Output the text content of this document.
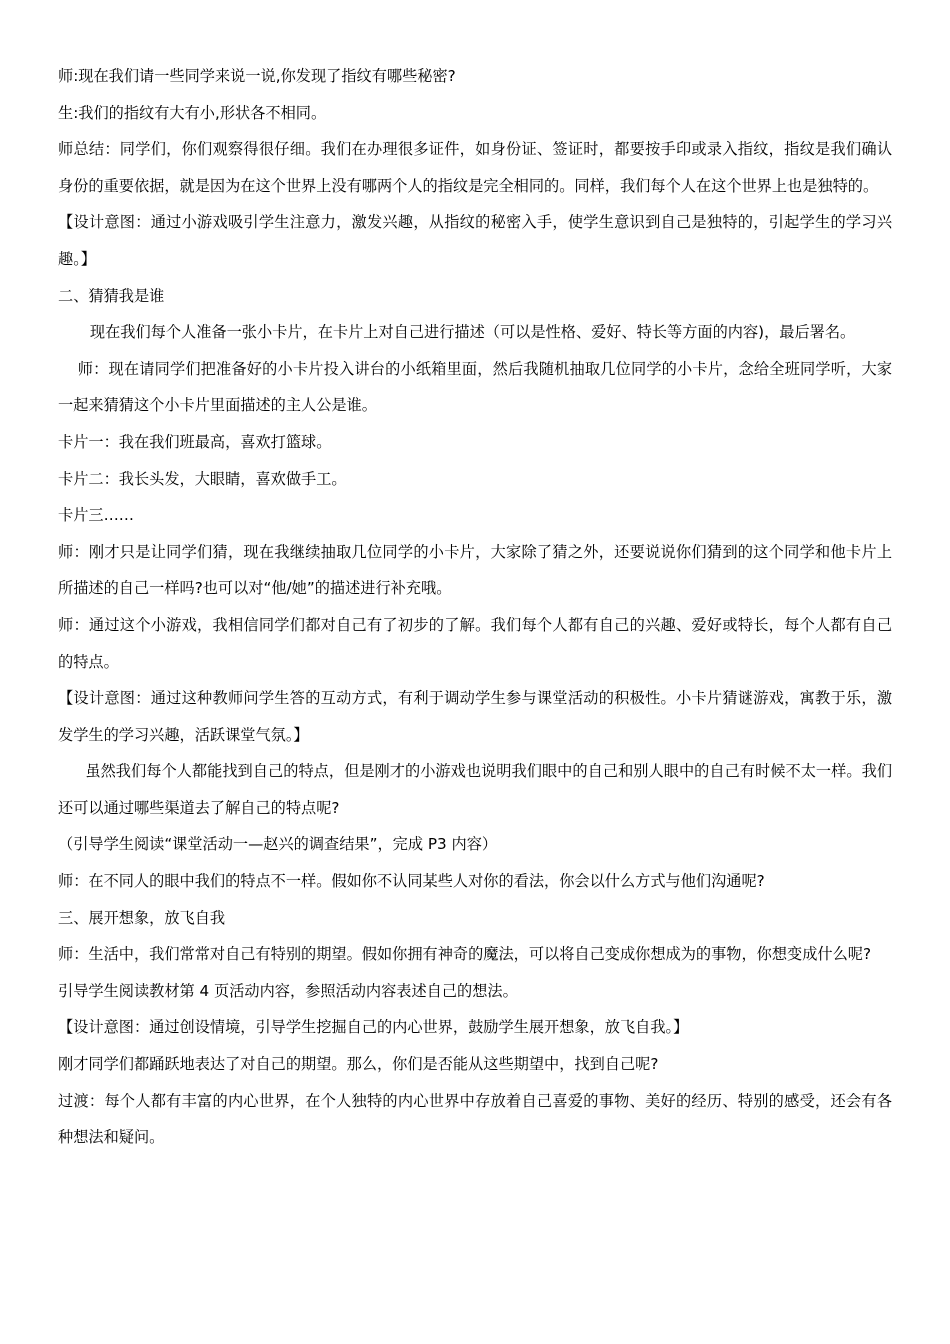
师:现在我们请一些同学来说一说,你发现了指纹有哪些秘密?

生:我们的指纹有大有小,形状各不相同。

师总结：同学们，你们观察得很仔细。我们在办理很多证件，如身份证、签证时，都要按手印或录入指纹，指纹是我们确认身份的重要依据，就是因为在这个世界上没有哪两个人的指纹是完全相同的。同样，我们每个人在这个世界上也是独特的。

【设计意图：通过小游戏吸引学生注意力，激发兴趣，从指纹的秘密入手，使学生意识到自己是独特的，引起学生的学习兴趣。】

二、猜猜我是谁

现在我们每个人准备一张小卡片，在卡片上对自己进行描述（可以是性格、爱好、特长等方面的内容)，最后署名。

师：现在请同学们把准备好的小卡片投入讲台的小纸箱里面，然后我随机抽取几位同学的小卡片，念给全班同学听，大家一起来猜猜这个小卡片里面描述的主人公是谁。

卡片一：我在我们班最高，喜欢打篮球。

卡片二：我长头发，大眼睛，喜欢做手工。

卡片三……

师：刚才只是让同学们猜，现在我继续抽取几位同学的小卡片，大家除了猜之外，还要说说你们猜到的这个同学和他卡片上所描述的自己一样吗?也可以对“他/她”的描述进行补充哦。

师：通过这个小游戏，我相信同学们都对自己有了初步的了解。我们每个人都有自己的兴趣、爱好或特长，每个人都有自己的特点。

【设计意图：通过这种教师问学生答的互动方式，有利于调动学生参与课堂活动的积极性。小卡片猜谜游戏，寓教于乐，激发学生的学习兴趣，活跃课堂气氛。】

虽然我们每个人都能找到自己的特点，但是刚才的小游戏也说明我们眼中的自己和别人眼中的自己有时候不太一样。我们还可以通过哪些渠道去了解自己的特点呢?

（引导学生阅读“课堂活动一—赵兴的调查结果”，完成 P3 内容）

师：在不同人的眼中我们的特点不一样。假如你不认同某些人对你的看法，你会以什么方式与他们沟通呢?

三、展开想象，放飞自我

师：生活中，我们常常对自己有特别的期望。假如你拥有神奇的魔法，可以将自己变成你想成为的事物，你想变成什么呢?

引导学生阅读教材第 4 页活动内容，参照活动内容表述自己的想法。

【设计意图：通过创设情境，引导学生挖掘自己的内心世界，鼓励学生展开想象，放飞自我。】

刚才同学们都踊跃地表达了对自己的期望。那么，你们是否能从这些期望中，找到自己呢?

过渡：每个人都有丰富的内心世界，在个人独特的内心世界中存放着自己喜爱的事物、美好的经历、特别的感受，还会有各种想法和疑问。
